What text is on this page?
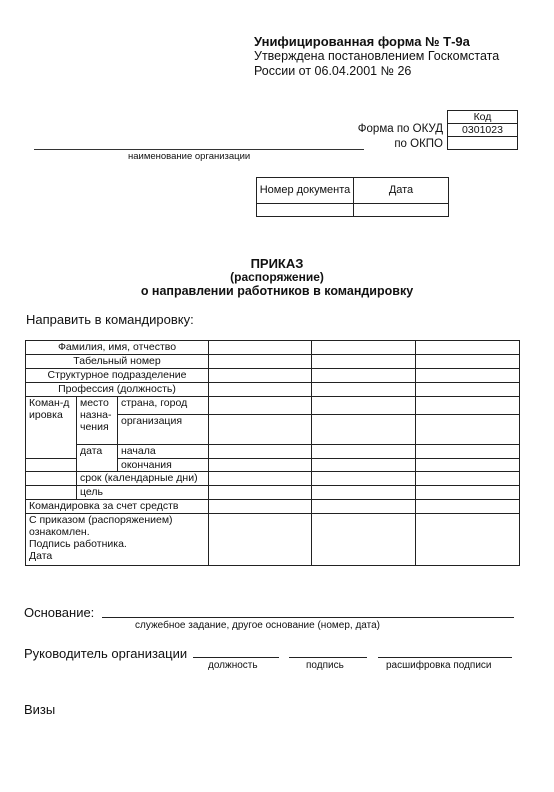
Унифицированная форма № Т-9а
Утверждена постановлением Госкомстата
России от 06.04.2001 № 26
Код
0301023

Форма по ОКУД
по ОКПО
наименование организации
Номер документа	Дата

ПРИКАЗ
(распоряжение)
о направлении работников в командировку
Направить в командировку:
Фамилия, имя, отчество					
Табельный номер					
Структурное подразделение					
Профессия (должность)					

Коман-дировка	место назна-чения	страна, город			
		организация			
	дата	начала			
		окончания			
	срок (календарные дни)				
	цель				
Командировка за счет средств					

С приказом (распоряжением)
ознакомлен.
Подпись работника.
Дата					

Основание:
служебное задание, другое основание (номер, дата)
Руководитель организации
должность	подпись	расшифровка подписи
Визы
